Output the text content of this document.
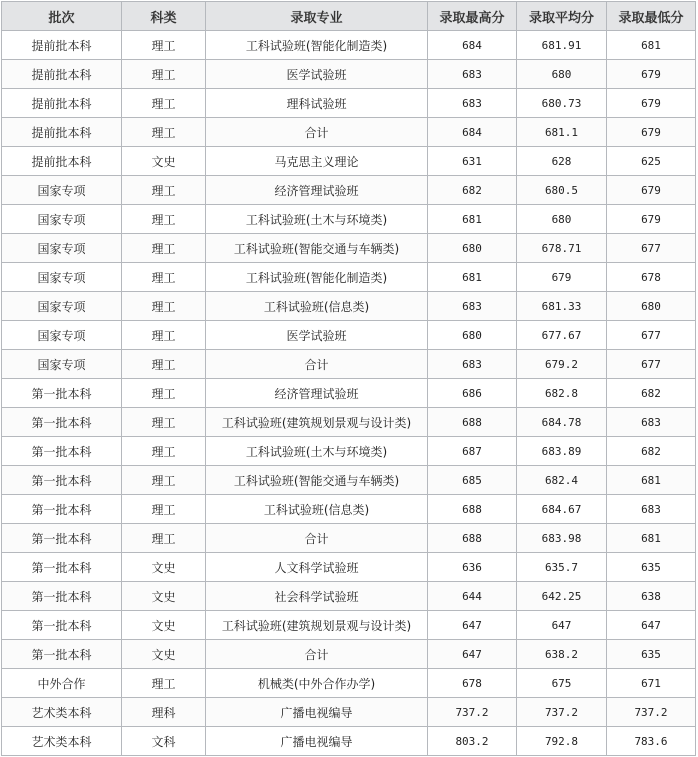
批次	科类	录取专业	录取最高分	录取平均分	录取最低分
提前批本科	理工	工科试验班(智能化制造类)	684	681.91	681
提前批本科	理工	医学试验班	683	680	679
提前批本科	理工	理科试验班	683	680.73	679
提前批本科	理工	合计	684	681.1	679
提前批本科	文史	马克思主义理论	631	628	625
国家专项	理工	经济管理试验班	682	680.5	679
国家专项	理工	工科试验班(土木与环境类)	681	680	679
国家专项	理工	工科试验班(智能交通与车辆类)	680	678.71	677
国家专项	理工	工科试验班(智能化制造类)	681	679	678
国家专项	理工	工科试验班(信息类)	683	681.33	680
国家专项	理工	医学试验班	680	677.67	677
国家专项	理工	合计	683	679.2	677
第一批本科	理工	经济管理试验班	686	682.8	682
第一批本科	理工	工科试验班(建筑规划景观与设计类)	688	684.78	683
第一批本科	理工	工科试验班(土木与环境类)	687	683.89	682
第一批本科	理工	工科试验班(智能交通与车辆类)	685	682.4	681
第一批本科	理工	工科试验班(信息类)	688	684.67	683
第一批本科	理工	合计	688	683.98	681
第一批本科	文史	人文科学试验班	636	635.7	635
第一批本科	文史	社会科学试验班	644	642.25	638
第一批本科	文史	工科试验班(建筑规划景观与设计类)	647	647	647
第一批本科	文史	合计	647	638.2	635
中外合作	理工	机械类(中外合作办学)	678	675	671
艺术类本科	理科	广播电视编导	737.2	737.2	737.2
艺术类本科	文科	广播电视编导	803.2	792.8	783.6
